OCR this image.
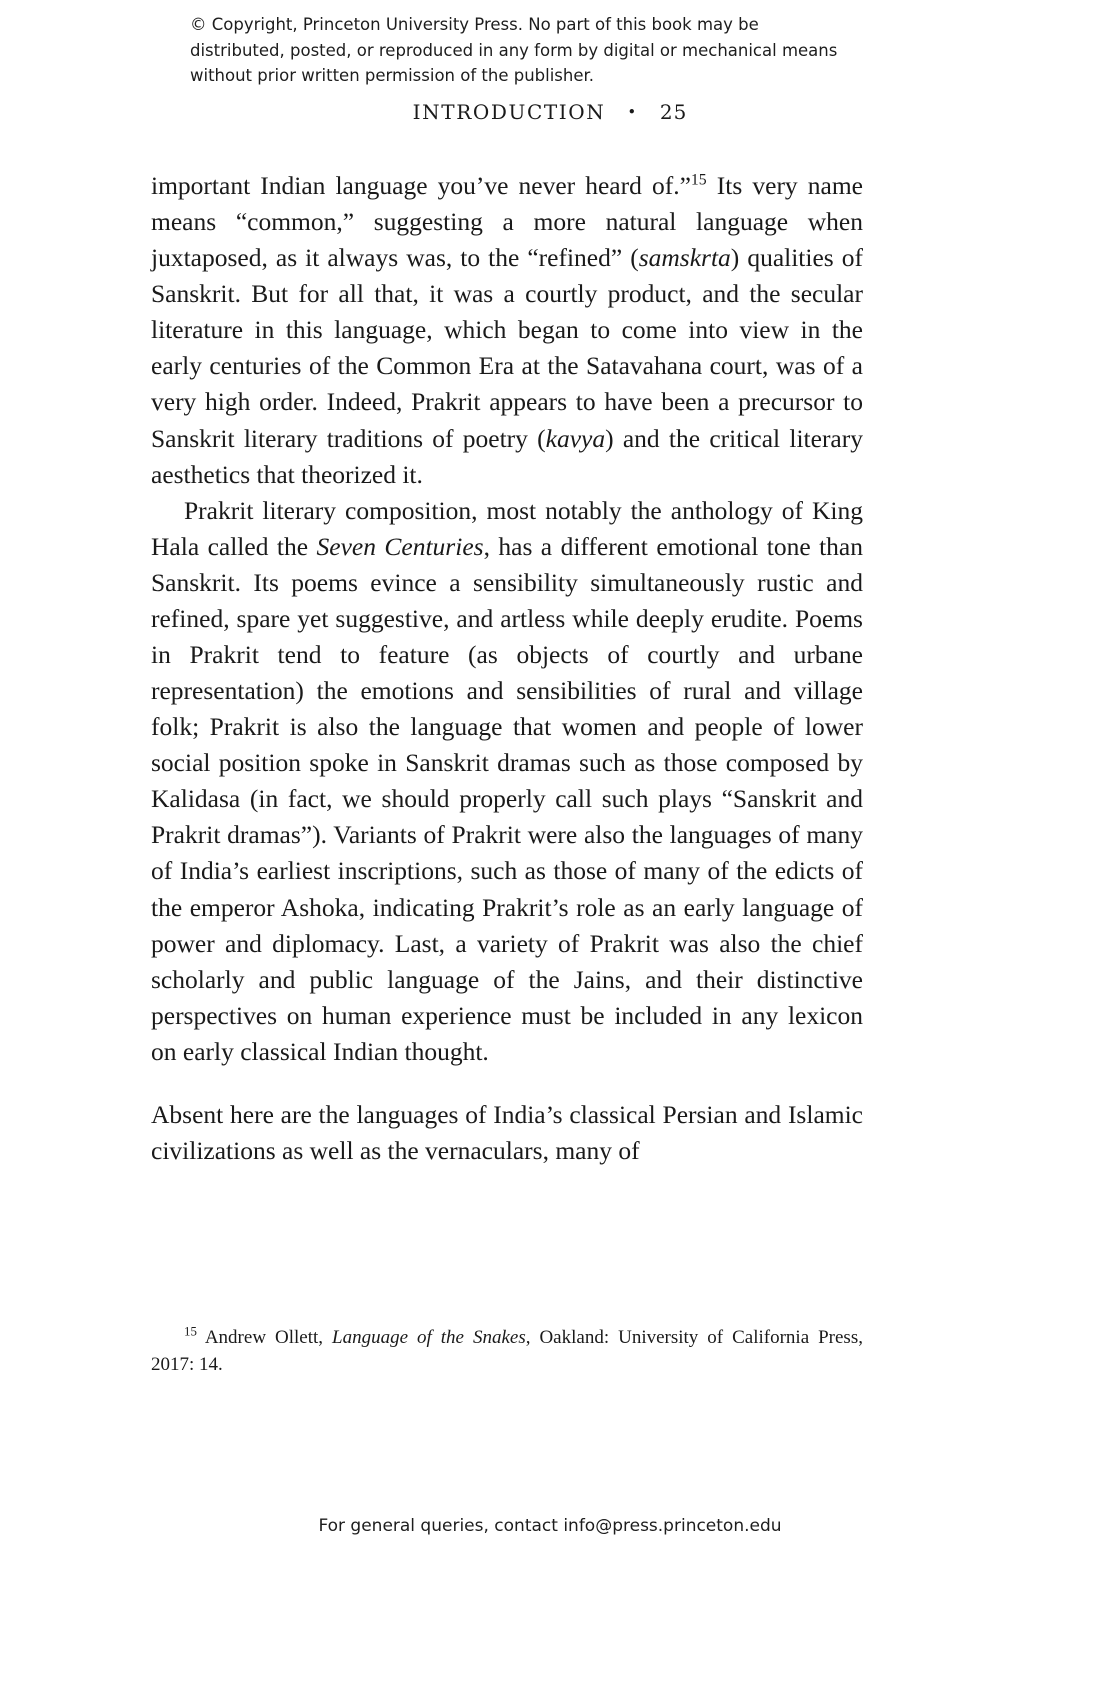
© Copyright, Princeton University Press. No part of this book may be distributed, posted, or reproduced in any form by digital or mechanical means without prior written permission of the publisher.
INTRODUCTION • 25

important Indian language you’ve never heard of.”$^{15}$ Its very name means “common,” suggesting a more natural language when juxtaposed, as it always was, to the “refined” (samskrta) qualities of Sanskrit. But for all that, it was a courtly product, and the secular literature in this language, which began to come into view in the early centuries of the Common Era at the Satavahana court, was of a very high order. Indeed, Prakrit appears to have been a precursor to Sanskrit literary traditions of poetry (kavya) and the critical literary aesthetics that theorized it.

Prakrit literary composition, most notably the anthology of King Hala called the Seven Centuries, has a different emotional tone than Sanskrit. Its poems evince a sensibility simultaneously rustic and refined, spare yet suggestive, and artless while deeply erudite. Poems in Prakrit tend to feature (as objects of courtly and urbane representation) the emotions and sensibilities of rural and village folk; Prakrit is also the language that women and people of lower social position spoke in Sanskrit dramas such as those composed by Kalidasa (in fact, we should properly call such plays “Sanskrit and Prakrit dramas”). Variants of Prakrit were also the languages of many of India’s earliest inscriptions, such as those of many of the edicts of the emperor Ashoka, indicating Prakrit’s role as an early language of power and diplomacy. Last, a variety of Prakrit was also the chief scholarly and public language of the Jains, and their distinctive perspectives on human experience must be included in any lexicon on early classical Indian thought.

Absent here are the languages of India’s classical Persian and Islamic civilizations as well as the vernaculars, many of

$^{15}$ Andrew Ollett, Language of the Snakes, Oakland: University of California Press, 2017: 14.
For general queries, contact info@press.princeton.edu
